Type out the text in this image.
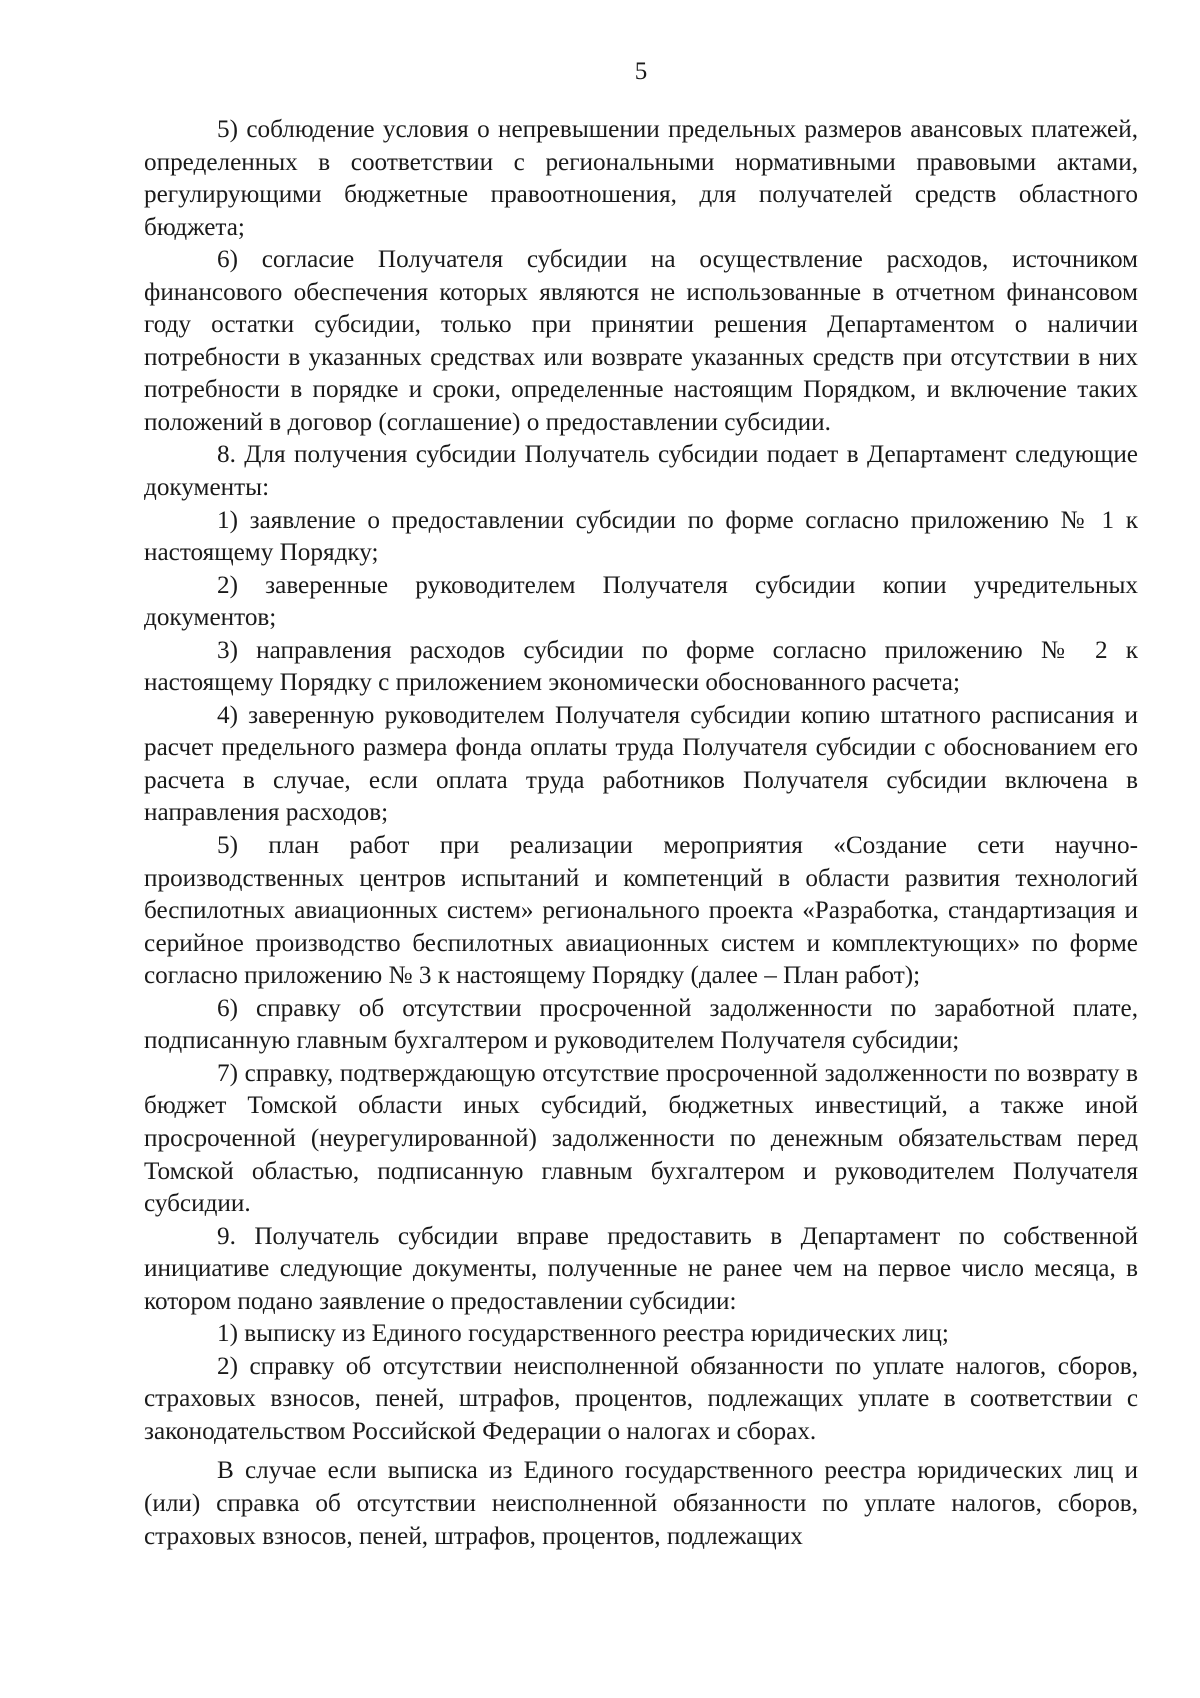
5

5) соблюдение условия о непревышении предельных размеров авансовых платежей, определенных в соответствии с региональными нормативными правовыми актами, регулирующими бюджетные правоотношения, для получателей средств областного бюджета;

6) согласие Получателя субсидии на осуществление расходов, источником финансового обеспечения которых являются не использованные в отчетном финансовом году остатки субсидии, только при принятии решения Департаментом о наличии потребности в указанных средствах или возврате указанных средств при отсутствии в них потребности в порядке и сроки, определенные настоящим Порядком, и включение таких положений в договор (соглашение) о предоставлении субсидии.

8. Для получения субсидии Получатель субсидии подает в Департамент следующие документы:

1) заявление о предоставлении субсидии по форме согласно приложению № 1 к настоящему Порядку;

2) заверенные руководителем Получателя субсидии копии учредительных документов;

3) направления расходов субсидии по форме согласно приложению № 2 к настоящему Порядку с приложением экономически обоснованного расчета;

4) заверенную руководителем Получателя субсидии копию штатного расписания и расчет предельного размера фонда оплаты труда Получателя субсидии с обоснованием его расчета в случае, если оплата труда работников Получателя субсидии включена в направления расходов;

5) план работ при реализации мероприятия «Создание сети научно-производственных центров испытаний и компетенций в области развития технологий беспилотных авиационных систем» регионального проекта «Разработка, стандартизация и серийное производство беспилотных авиационных систем и комплектующих» по форме согласно приложению № 3 к настоящему Порядку (далее – План работ);

6) справку об отсутствии просроченной задолженности по заработной плате, подписанную главным бухгалтером и руководителем Получателя субсидии;

7) справку, подтверждающую отсутствие просроченной задолженности по возврату в бюджет Томской области иных субсидий, бюджетных инвестиций, а также иной просроченной (неурегулированной) задолженности по денежным обязательствам перед Томской областью, подписанную главным бухгалтером и руководителем Получателя субсидии.

9. Получатель субсидии вправе предоставить в Департамент по собственной инициативе следующие документы, полученные не ранее чем на первое число месяца, в котором подано заявление о предоставлении субсидии:

1) выписку из Единого государственного реестра юридических лиц;

2) справку об отсутствии неисполненной обязанности по уплате налогов, сборов, страховых взносов, пеней, штрафов, процентов, подлежащих уплате в соответствии с законодательством Российской Федерации о налогах и сборах.

В случае если выписка из Единого государственного реестра юридических лиц и (или) справка об отсутствии неисполненной обязанности по уплате налогов, сборов, страховых взносов, пеней, штрафов, процентов, подлежащих
